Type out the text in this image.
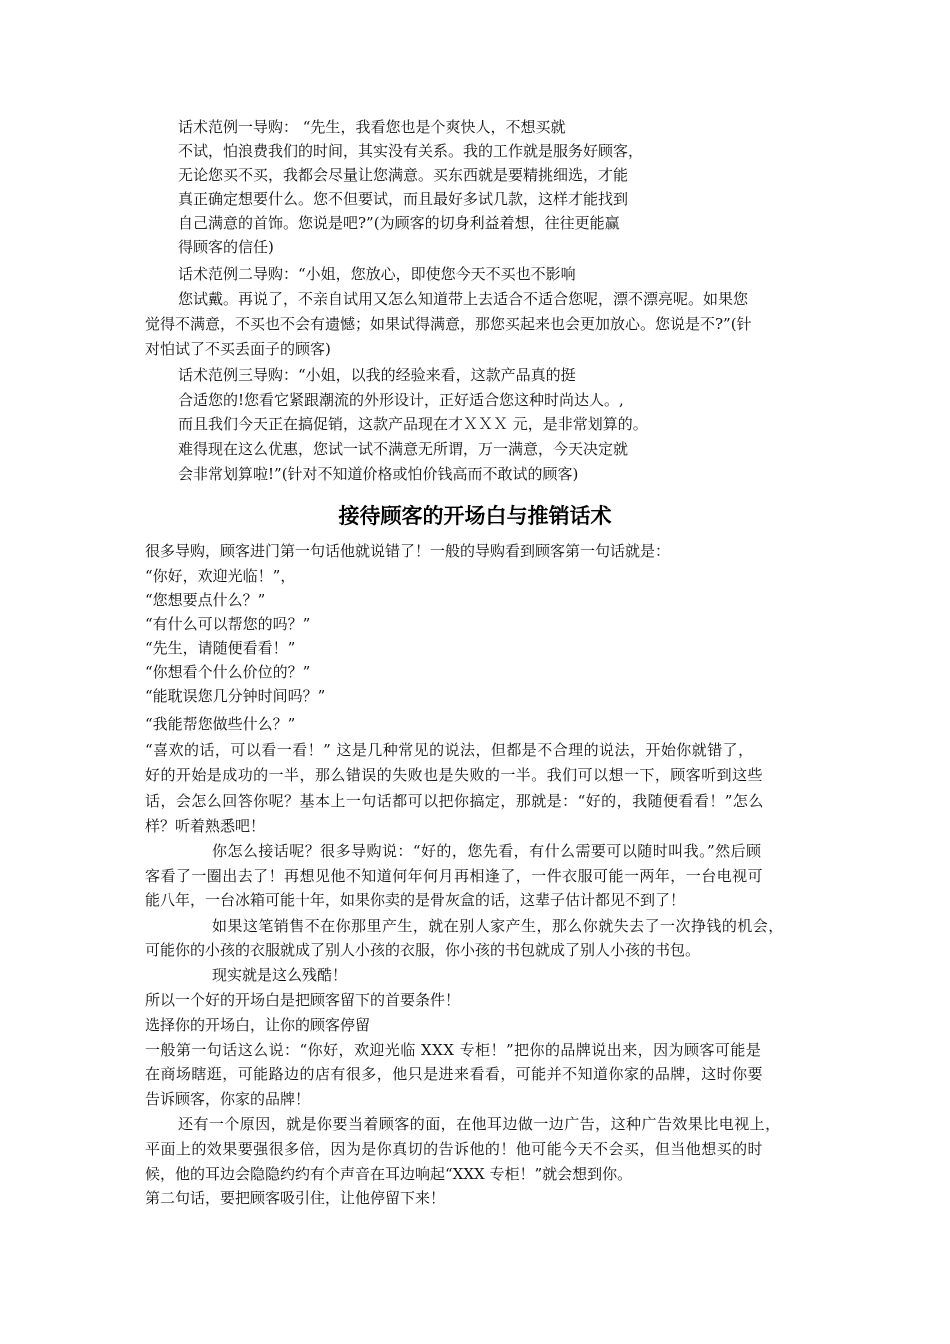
话术范例一导购： “先生，我看您也是个爽快人，不想买就
不试，怕浪费我们的时间，其实没有关系。我的工作就是服务好顾客，
无论您买不买，我都会尽量让您满意。买东西就是要精挑细选，才能
真正确定想要什么。您不但要试，而且最好多试几款，这样才能找到
自己满意的首饰。您说是吧?”(为顾客的切身利益着想，往往更能赢
得顾客的信任)
话术范例二导购：“小姐，您放心，即使您今天不买也不影响
您试戴。再说了，不亲自试用又怎么知道带上去适合不适合您呢，漂不漂亮呢。如果您
觉得不满意，不买也不会有遗憾；如果试得满意，那您买起来也会更加放心。您说是不?”(针
对怕试了不买丢面子的顾客)
话术范例三导购：“小姐，以我的经验来看，这款产品真的挺
合适您的!您看它紧跟潮流的外形设计，正好适合您这种时尚达人。,
而且我们今天正在搞促销，这款产品现在才ＸＸＸ 元，是非常划算的。
难得现在这么优惠，您试一试不满意无所谓，万一满意，今天决定就
会非常划算啦!”(针对不知道价格或怕价钱高而不敢试的顾客)
接待顾客的开场白与推销话术
很多导购，顾客进门第一句话他就说错了！一般的导购看到顾客第一句话就是：
“你好，欢迎光临！”，
“您想要点什么？”
“有什么可以帮您的吗？”
“先生，请随便看看！”
“你想看个什么价位的？”
“能耽误您几分钟时间吗？”
“我能帮您做些什么？”
“喜欢的话，可以看一看！” 这是几种常见的说法，但都是不合理的说法，开始你就错了，
好的开始是成功的一半，那么错误的失败也是失败的一半。我们可以想一下，顾客听到这些
话，会怎么回答你呢？基本上一句话都可以把你搞定，那就是：“好的，我随便看看！”怎么
样？听着熟悉吧！
你怎么接话呢？很多导购说：“好的，您先看，有什么需要可以随时叫我。”然后顾
客看了一圈出去了！再想见他不知道何年何月再相逢了，一件衣服可能一两年，一台电视可
能八年，一台冰箱可能十年，如果你卖的是骨灰盒的话，这辈子估计都见不到了！
如果这笔销售不在你那里产生，就在别人家产生，那么你就失去了一次挣钱的机会，
可能你的小孩的衣服就成了别人小孩的衣服，你小孩的书包就成了别人小孩的书包。
现实就是这么残酷！
所以一个好的开场白是把顾客留下的首要条件！
选择你的开场白，让你的顾客停留
一般第一句话这么说：“你好，欢迎光临 XXX 专柜！”把你的品牌说出来，因为顾客可能是
在商场瞎逛，可能路边的店有很多，他只是进来看看，可能并不知道你家的品牌，这时你要
告诉顾客，你家的品牌！
还有一个原因，就是你要当着顾客的面，在他耳边做一边广告，这种广告效果比电视上，
平面上的效果要强很多倍，因为是你真切的告诉他的！他可能今天不会买，但当他想买的时
候，他的耳边会隐隐约约有个声音在耳边响起“XXX 专柜！”就会想到你。
第二句话，要把顾客吸引住，让他停留下来！
